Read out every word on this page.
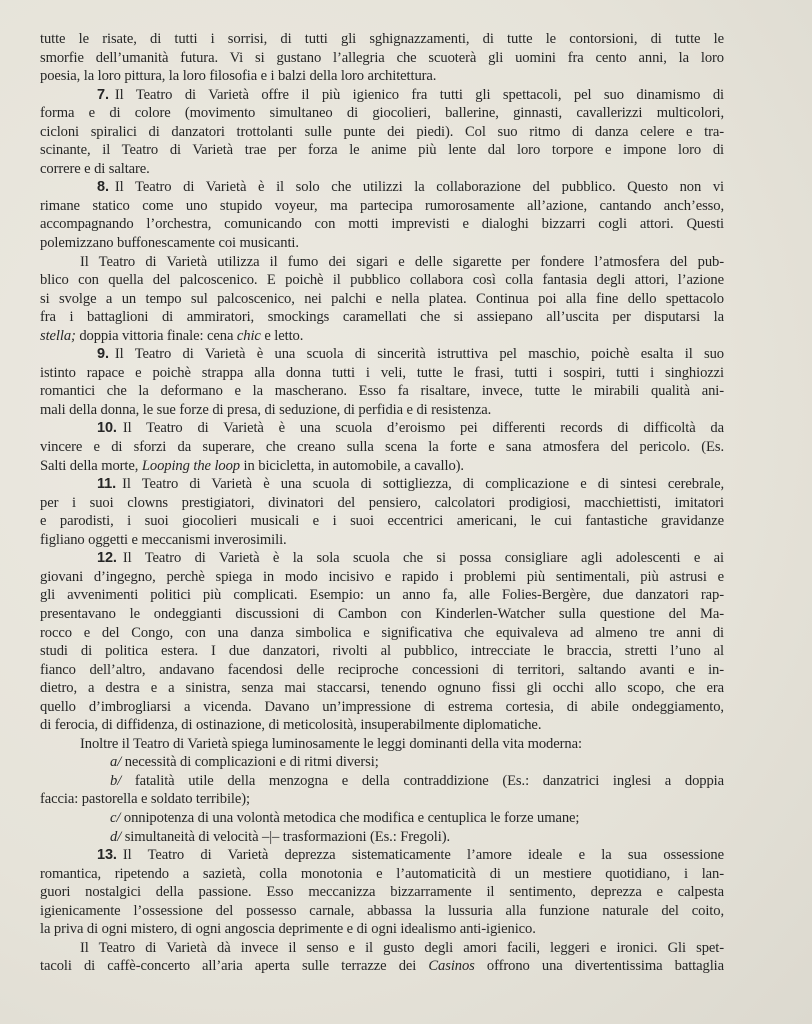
tutte le risate, di tutti i sorrisi, di tutti gli sghignazzamenti, di tutte le contorsioni, di tutte le
smorfie dell’umanità futura. Vi si gustano l’allegria che scuoterà gli uomini fra cento anni, la loro
poesia, la loro pittura, la loro filosofia e i balzi della loro architettura.
7. Il Teatro di Varietà offre il più igienico fra tutti gli spettacoli, pel suo dinamismo di
forma e di colore (movimento simultaneo di giocolieri, ballerine, ginnasti, cavallerizzi multicolori,
cicloni spiralici di danzatori trottolanti sulle punte dei piedi). Col suo ritmo di danza celere e tra-
scinante, il Teatro di Varietà trae per forza le anime più lente dal loro torpore e impone loro di
correre e di saltare.
8. Il Teatro di Varietà è il solo che utilizzi la collaborazione del pubblico. Questo non vi
rimane statico come uno stupido voyeur, ma partecipa rumorosamente all’azione, cantando anch’esso,
accompagnando l’orchestra, comunicando con motti imprevisti e dialoghi bizzarri cogli attori. Questi
polemizzano buffonescamente coi musicanti.
Il Teatro di Varietà utilizza il fumo dei sigari e delle sigarette per fondere l’atmosfera del pub-
blico con quella del palcoscenico. E poichè il pubblico collabora così colla fantasia degli attori, l’azione
si svolge a un tempo sul palcoscenico, nei palchi e nella platea. Continua poi alla fine dello spettacolo
fra i battaglioni di ammiratori, smockings caramellati che si assiepano all’uscita per disputarsi la
stella; doppia vittoria finale: cena chic e letto.
9. Il Teatro di Varietà è una scuola di sincerità istruttiva pel maschio, poichè esalta il suo
istinto rapace e poichè strappa alla donna tutti i veli, tutte le frasi, tutti i sospiri, tutti i singhiozzi
romantici che la deformano e la mascherano. Esso fa risaltare, invece, tutte le mirabili qualità ani-
mali della donna, le sue forze di presa, di seduzione, di perfidia e di resistenza.
10. Il Teatro di Varietà è una scuola d’eroismo pei differenti records di difficoltà da
vincere e di sforzi da superare, che creano sulla scena la forte e sana atmosfera del pericolo. (Es.
Salti della morte, Looping the loop in bicicletta, in automobile, a cavallo).
11. Il Teatro di Varietà è una scuola di sottigliezza, di complicazione e di sintesi cerebrale,
per i suoi clowns prestigiatori, divinatori del pensiero, calcolatori prodigiosi, macchiettisti, imitatori
e parodisti, i suoi giocolieri musicali e i suoi eccentrici americani, le cui fantastiche gravidanze
figliano oggetti e meccanismi inverosimili.
12. Il Teatro di Varietà è la sola scuola che si possa consigliare agli adolescenti e ai
giovani d’ingegno, perchè spiega in modo incisivo e rapido i problemi più sentimentali, più astrusi e
gli avvenimenti politici più complicati. Esempio: un anno fa, alle Folies-Bergère, due danzatori rap-
presentavano le ondeggianti discussioni di Cambon con Kinderlen-Watcher sulla questione del Ma-
rocco e del Congo, con una danza simbolica e significativa che equivaleva ad almeno tre anni di
studi di politica estera. I due danzatori, rivolti al pubblico, intrecciate le braccia, stretti l’uno al
fianco dell’altro, andavano facendosi delle reciproche concessioni di territori, saltando avanti e in-
dietro, a destra e a sinistra, senza mai staccarsi, tenendo ognuno fissi gli occhi allo scopo, che era
quello d’imbrogliarsi a vicenda. Davano un’impressione di estrema cortesia, di abile ondeggiamento,
di ferocia, di diffidenza, di ostinazione, di meticolosità, insuperabilmente diplomatiche.
Inoltre il Teatro di Varietà spiega luminosamente le leggi dominanti della vita moderna:
a/ necessità di complicazioni e di ritmi diversi;
b/ fatalità utile della menzogna e della contraddizione (Es.: danzatrici inglesi a doppia
faccia: pastorella e soldato terribile);
c/ onnipotenza di una volontà metodica che modifica e centuplica le forze umane;
d/ simultaneità di velocità –|– trasformazioni (Es.: Fregoli).
13. Il Teatro di Varietà deprezza sistematicamente l’amore ideale e la sua ossessione
romantica, ripetendo a sazietà, colla monotonia e l’automaticità di un mestiere quotidiano, i lan-
guori nostalgici della passione. Esso meccanizza bizzarramente il sentimento, deprezza e calpesta
igienicamente l’ossessione del possesso carnale, abbassa la lussuria alla funzione naturale del coito,
la priva di ogni mistero, di ogni angoscia deprimente e di ogni idealismo anti-igienico.
Il Teatro di Varietà dà invece il senso e il gusto degli amori facili, leggeri e ironici. Gli spet-
tacoli di caffè-concerto all’aria aperta sulle terrazze dei Casinos offrono una divertentissima battaglia
